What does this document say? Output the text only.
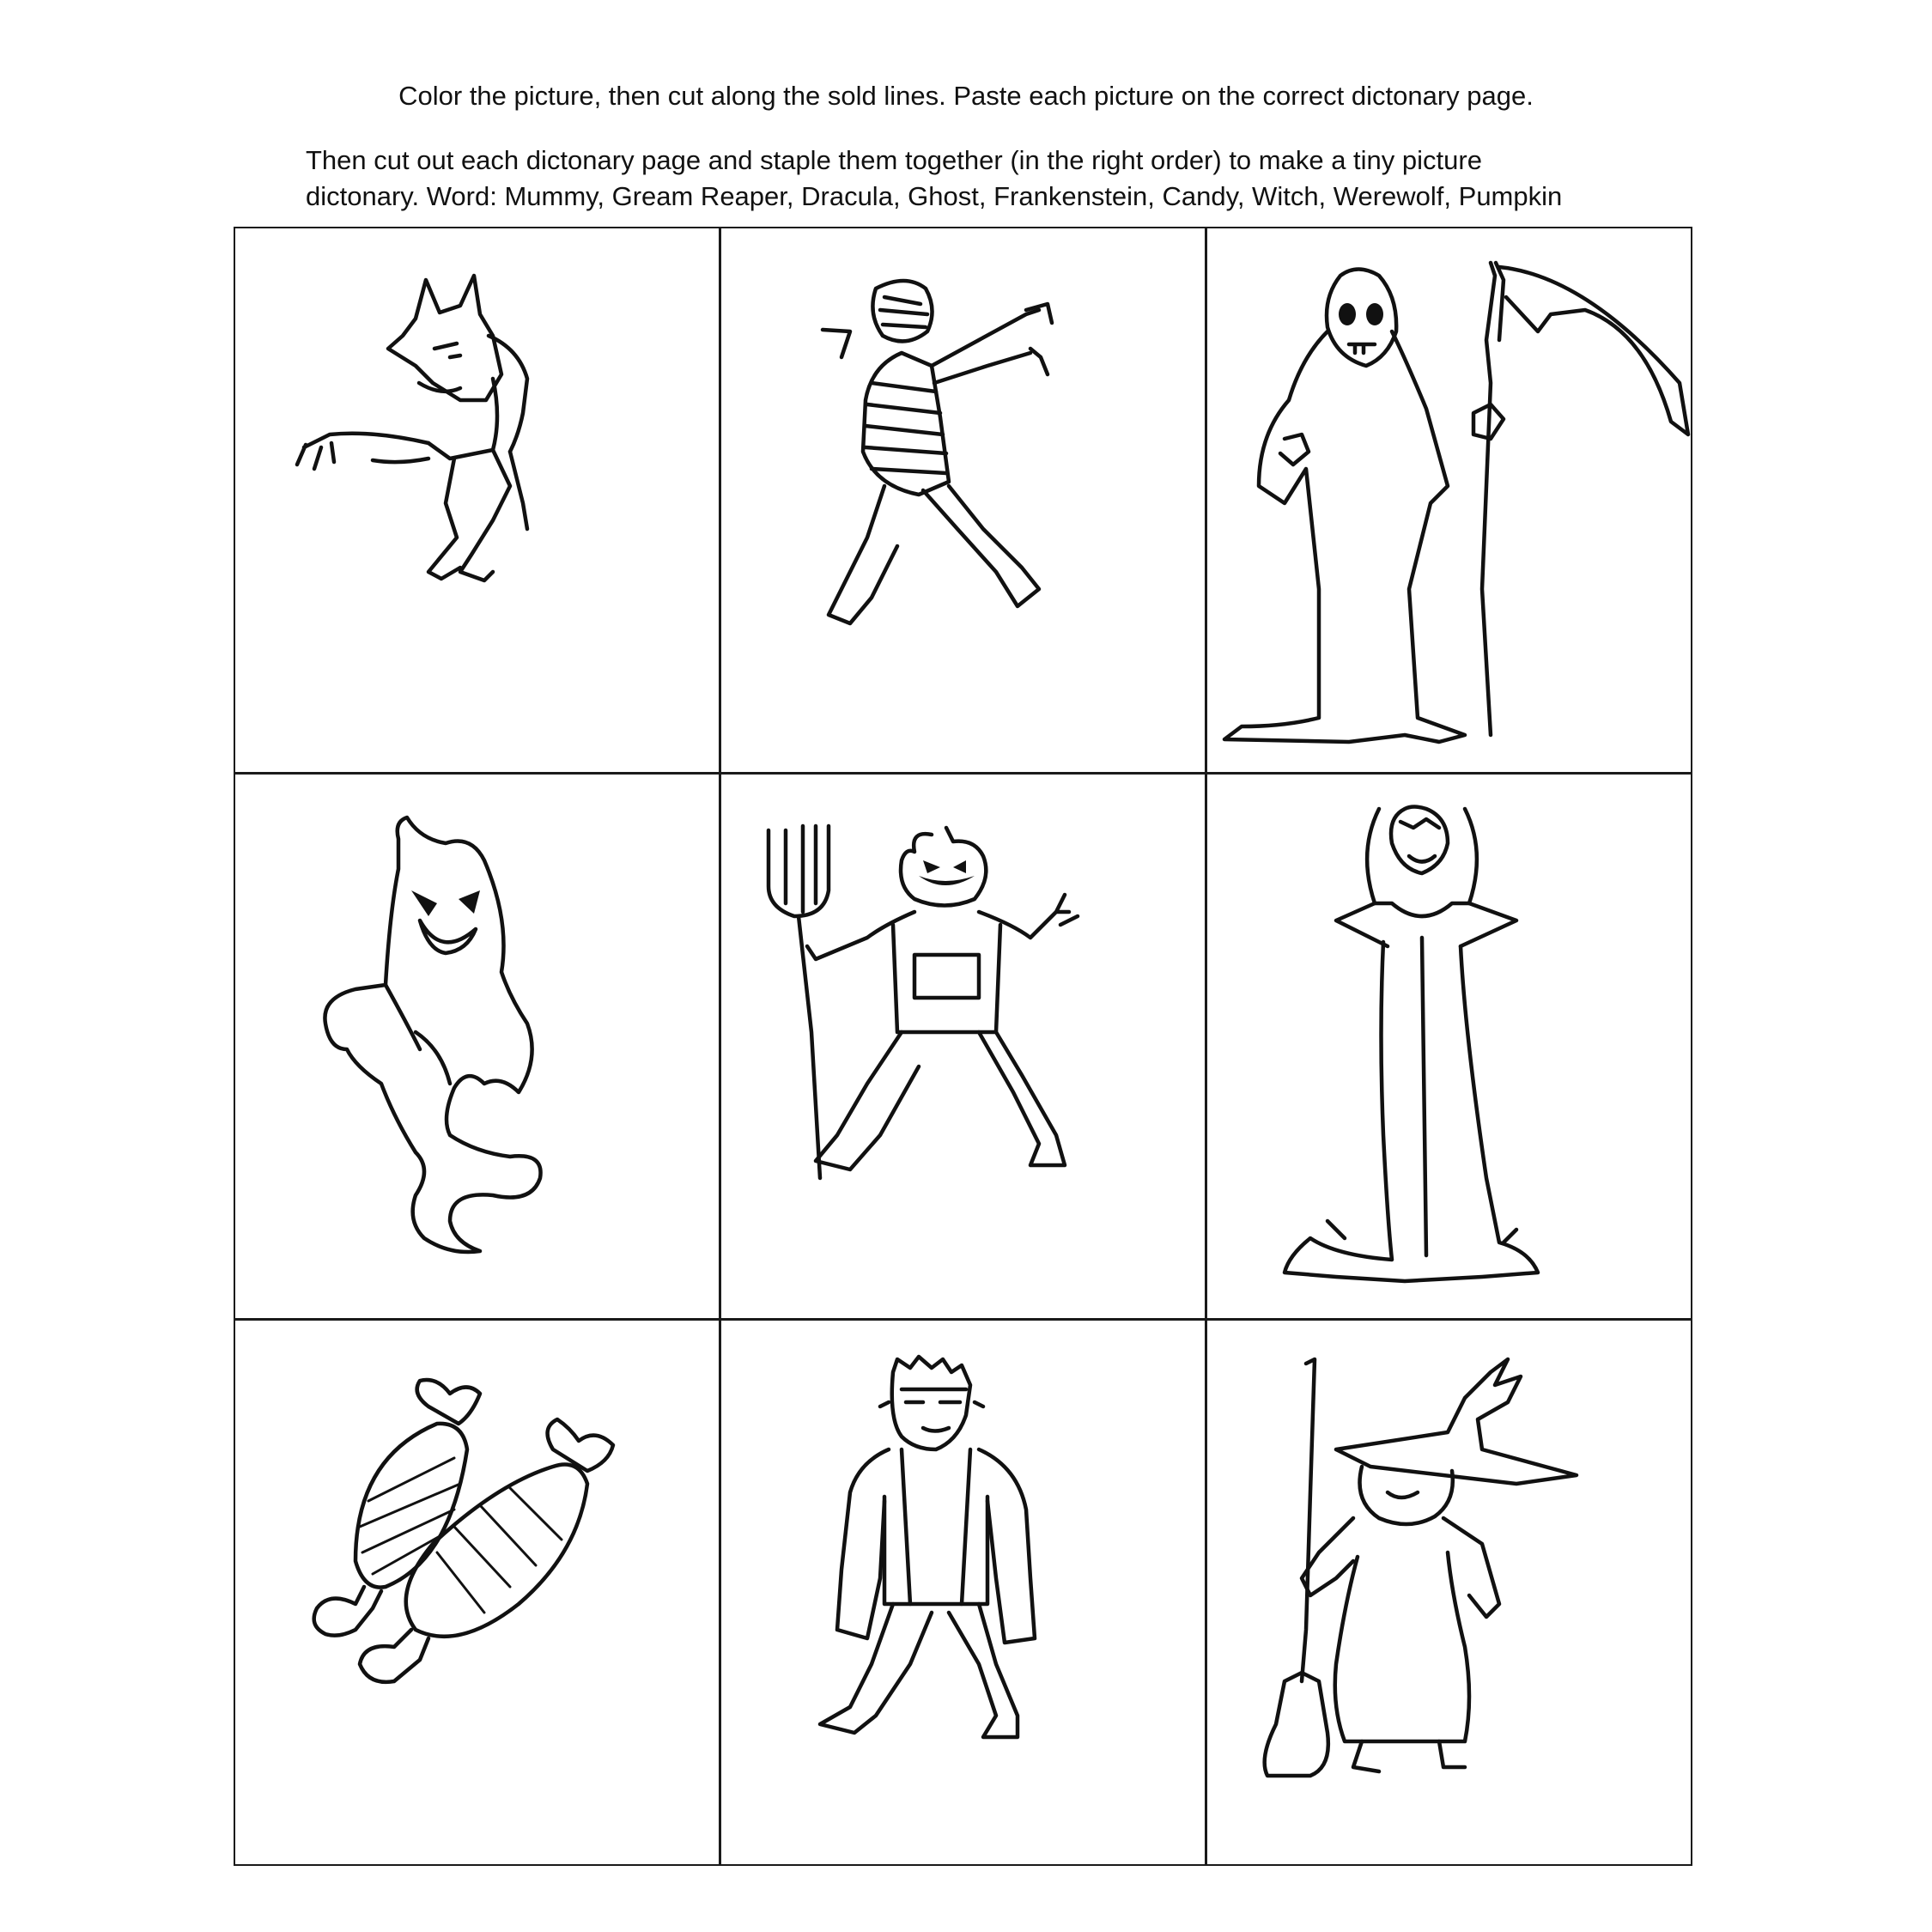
Color the picture, then cut along the sold lines. Paste each picture on the correct dictonary page.
Then cut out each dictonary page and staple them together (in the right order) to make a tiny picture
dictonary. Word: Mummy, Gream Reaper, Dracula, Ghost, Frankenstein, Candy, Witch, Werewolf, Pumpkin
